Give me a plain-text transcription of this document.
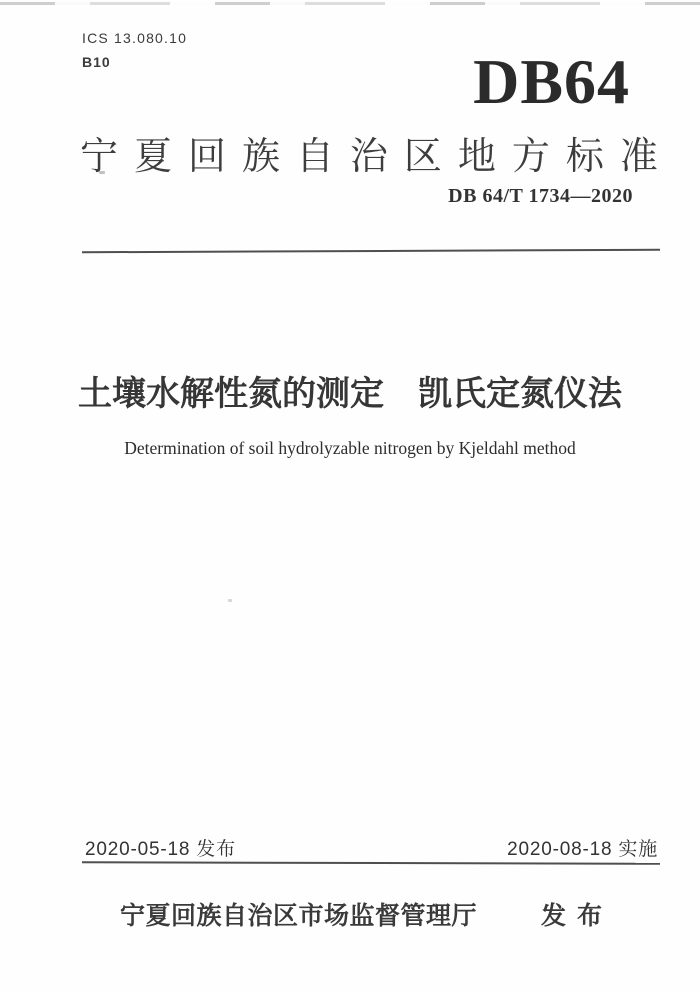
ICS 13.080.10
B10	DB64
宁 夏 回 族 自 治 区 地 方 标 准
DB 64/T 1734—2020
土壤水解性氮的测定　凯氏定氮仪法
Determination of soil hydrolyzable nitrogen by Kjeldahl method
2020-05-18 发布	2020-08-18 实施
宁夏回族自治区市场监督管理厅	发 布
